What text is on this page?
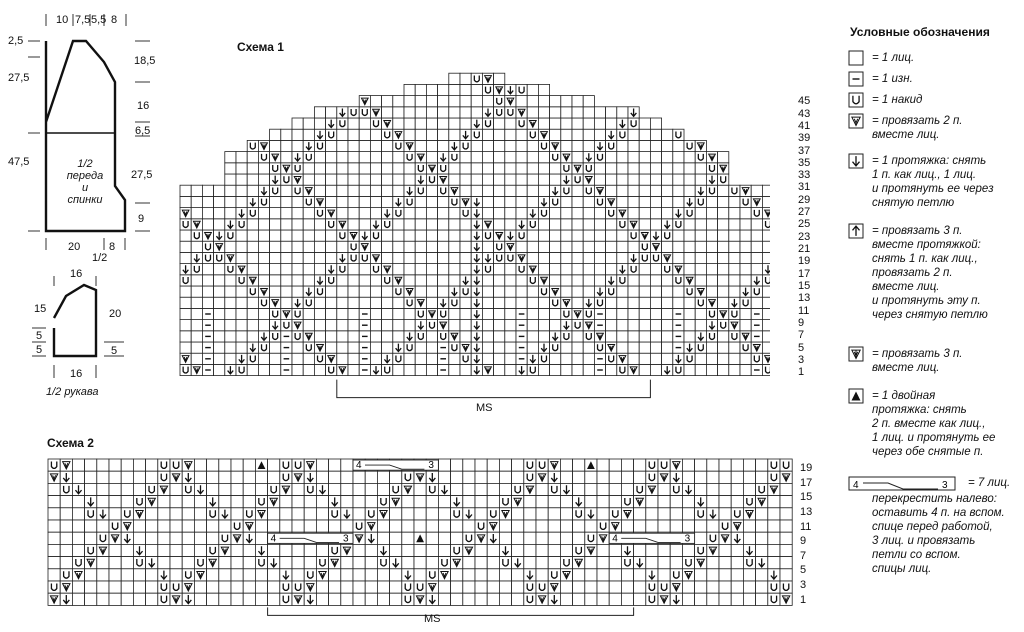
10 7,5 5,5 8
2,5
27,5
47,5
18,5
16
6,5
27,5
9
1/2
переда
и
спинки
20	8
1/2
16
15
5
5
20
5
16
1/2 рукава
Схема 1
45
43
41
39
37
35
33
31
29
27
25
23
21
19
17
15
13
11
9
7
5
3
1
MS
Схема 2
4	3
4	3	4	3
19
17
15
13
11
9
7
5
3
1
MS
Условные обозначения
= 1 лиц.
= 1 изн.
= 1 накид
= провязать 2 п.
вместе лиц.
= 1 протяжка: снять
1 п. как лиц., 1 лиц.
и протянуть ее через
снятую петлю
= провязать 3 п.
вместе протяжкой:
снять 1 п. как лиц.,
провязать 2 п.
вместе лиц.
и протянуть эту п.
через снятую петлю
= провязать 3 п.
вместе лиц.
= 1 двойная
протяжка: снять
2 п. вместе как лиц.,
1 лиц. и протянуть ее
через обе снятые п.
4	3 = 7 лиц.
перекрестить налево:
оставить 4 п. на вспом.
спице перед работой,
3 лиц. и провязать
петли со вспом.
спицы лиц.
